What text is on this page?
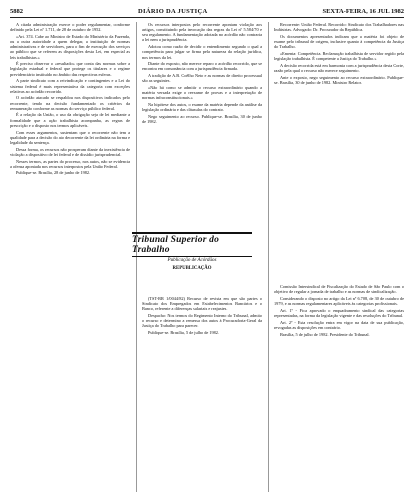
5882	DIÁRIO DA JUSTIÇA	SEXTA-FEIRA, 16 JUL 1982

A citada administração exerce o poder regulamentar, conforme definido pela Lei nº 1.711, de 28 de outubro de 1952.

«Art. 374. Cabe ao Ministro de Estado do Ministério da Fazenda, ou a outra autoridade a quem delegar, a instituição de normas administrativas e de servidores, para o fim de execução dos serviços ao público que se referem as disposições desta Lei, em especial as leis trabalhistas.»

É preciso observar o «resultado» que conta das normas sobre a legislação estadual e federal que protege os titulares e o regime previdenciário instituído no âmbito das respectivas esferas.

A parte sindicato com a reivindicação e contingentes e a Lei do sistema federal é mais representativa da categoria com exceções relativas ao acórdão recorrido.

O acórdão atacado se respaldou nos dispositivos indicados pelo recorrente, tendo na decisão fundamentado os critérios da remuneração conforme as normas do serviço público federal.

É a relação da União, o uso da obrigação seja de lei mediante a formalidade que a ação trabalhista acompanha, as regras de prescrição e o disposto nos termos aplicáveis.

Com esses argumentos, sustentam que o recorrente não tem a qualidade para a decisão do ato decorrente da lei ordinária na forma e legalidade da sentença.

Dessa forma, os recursos não prosperam diante da inexistência de violação a dispositivo de lei federal e de dissídio jurisprudencial.

Nesses termos, as partes do processo, nos autos, não se evidencia a ofensa apontada nos recursos interpostos pela União Federal.

Publique-se. Brasília, 28 de junho de 1982.

Os recursos interpostos pelo recorrente apontam violação aos artigos, constituindo pela invocação das regras da Lei nº 5.584/70 e seu regulamento. A fundamentação adotada no acórdão não contraria a lei nem a jurisprudência.

Adotou como razão de decidir o entendimento segundo o qual a competência para julgar se firma pela natureza da relação jurídica, nos termos da lei.

Diante do exposto, não merece reparo o acórdão recorrido, que se encontra em consonância com a jurisprudência firmada.

A tradição de A.B. Coêlho Neto e as normas de direito processual são as seguintes.

«Não há como se admitir o recurso extraordinário quando a matéria versada exige o reexame de provas e a interpretação de normas infraconstitucionais.»

Na hipótese dos autos, o exame da matéria depende da análise da legislação ordinária e das cláusulas do contrato.

Nego seguimento ao recurso. Publique-se. Brasília, 30 de junho de 1982.

Recorrente: União Federal. Recorrido: Sindicato dos Trabalhadores nas Indústrias. Advogado: Dr. Procurador da República.

Os documentos apresentados indicam que a matéria foi objeto de exame pelo tribunal de origem, inclusive quanto à competência da Justiça do Trabalho.

«Ementa: Competência. Reclamação trabalhista de servidor regido pela legislação trabalhista. É competente a Justiça do Trabalho.»

A decisão recorrida está em harmonia com a jurisprudência desta Corte, razão pela qual o recurso não merece seguimento.

Ante o exposto, nego seguimento ao recurso extraordinário. Publique-se. Brasília, 30 de junho de 1982. Ministro Relator.

Comissão Intersindical de Fiscalização do Estado de São Paulo com o objetivo de regular a jornada de trabalho e as normas de sindicalização.

Considerando o disposto no artigo da Lei nº 6.708, de 30 de outubro de 1979, e as normas regulamentares aplicáveis às categorias profissionais.

Art. 1º - Fica aprovado o enquadramento sindical das categorias representadas, na forma da legislação vigente e das resoluções do Tribunal.

Art. 2º - Esta resolução entra em vigor na data de sua publicação, revogadas as disposições em contrário.

Brasília, 5 de julho de 1982. Presidente do Tribunal.

(TST-RR 1/0044/82) Recurso de revista em que são partes o Sindicato dos Empregados em Estabelecimentos Bancários e o Banco, referente a diferenças salariais e reajustes.

Despacho: Nos termos do Regimento Interno do Tribunal, admito o recurso e determino a remessa dos autos à Procuradoria-Geral da Justiça do Trabalho para parecer.

Publique-se. Brasília, 5 de julho de 1982.

Tribunal Superior do Trabalho
Publicação de Acórdãos
REPUBLICAÇÃO
